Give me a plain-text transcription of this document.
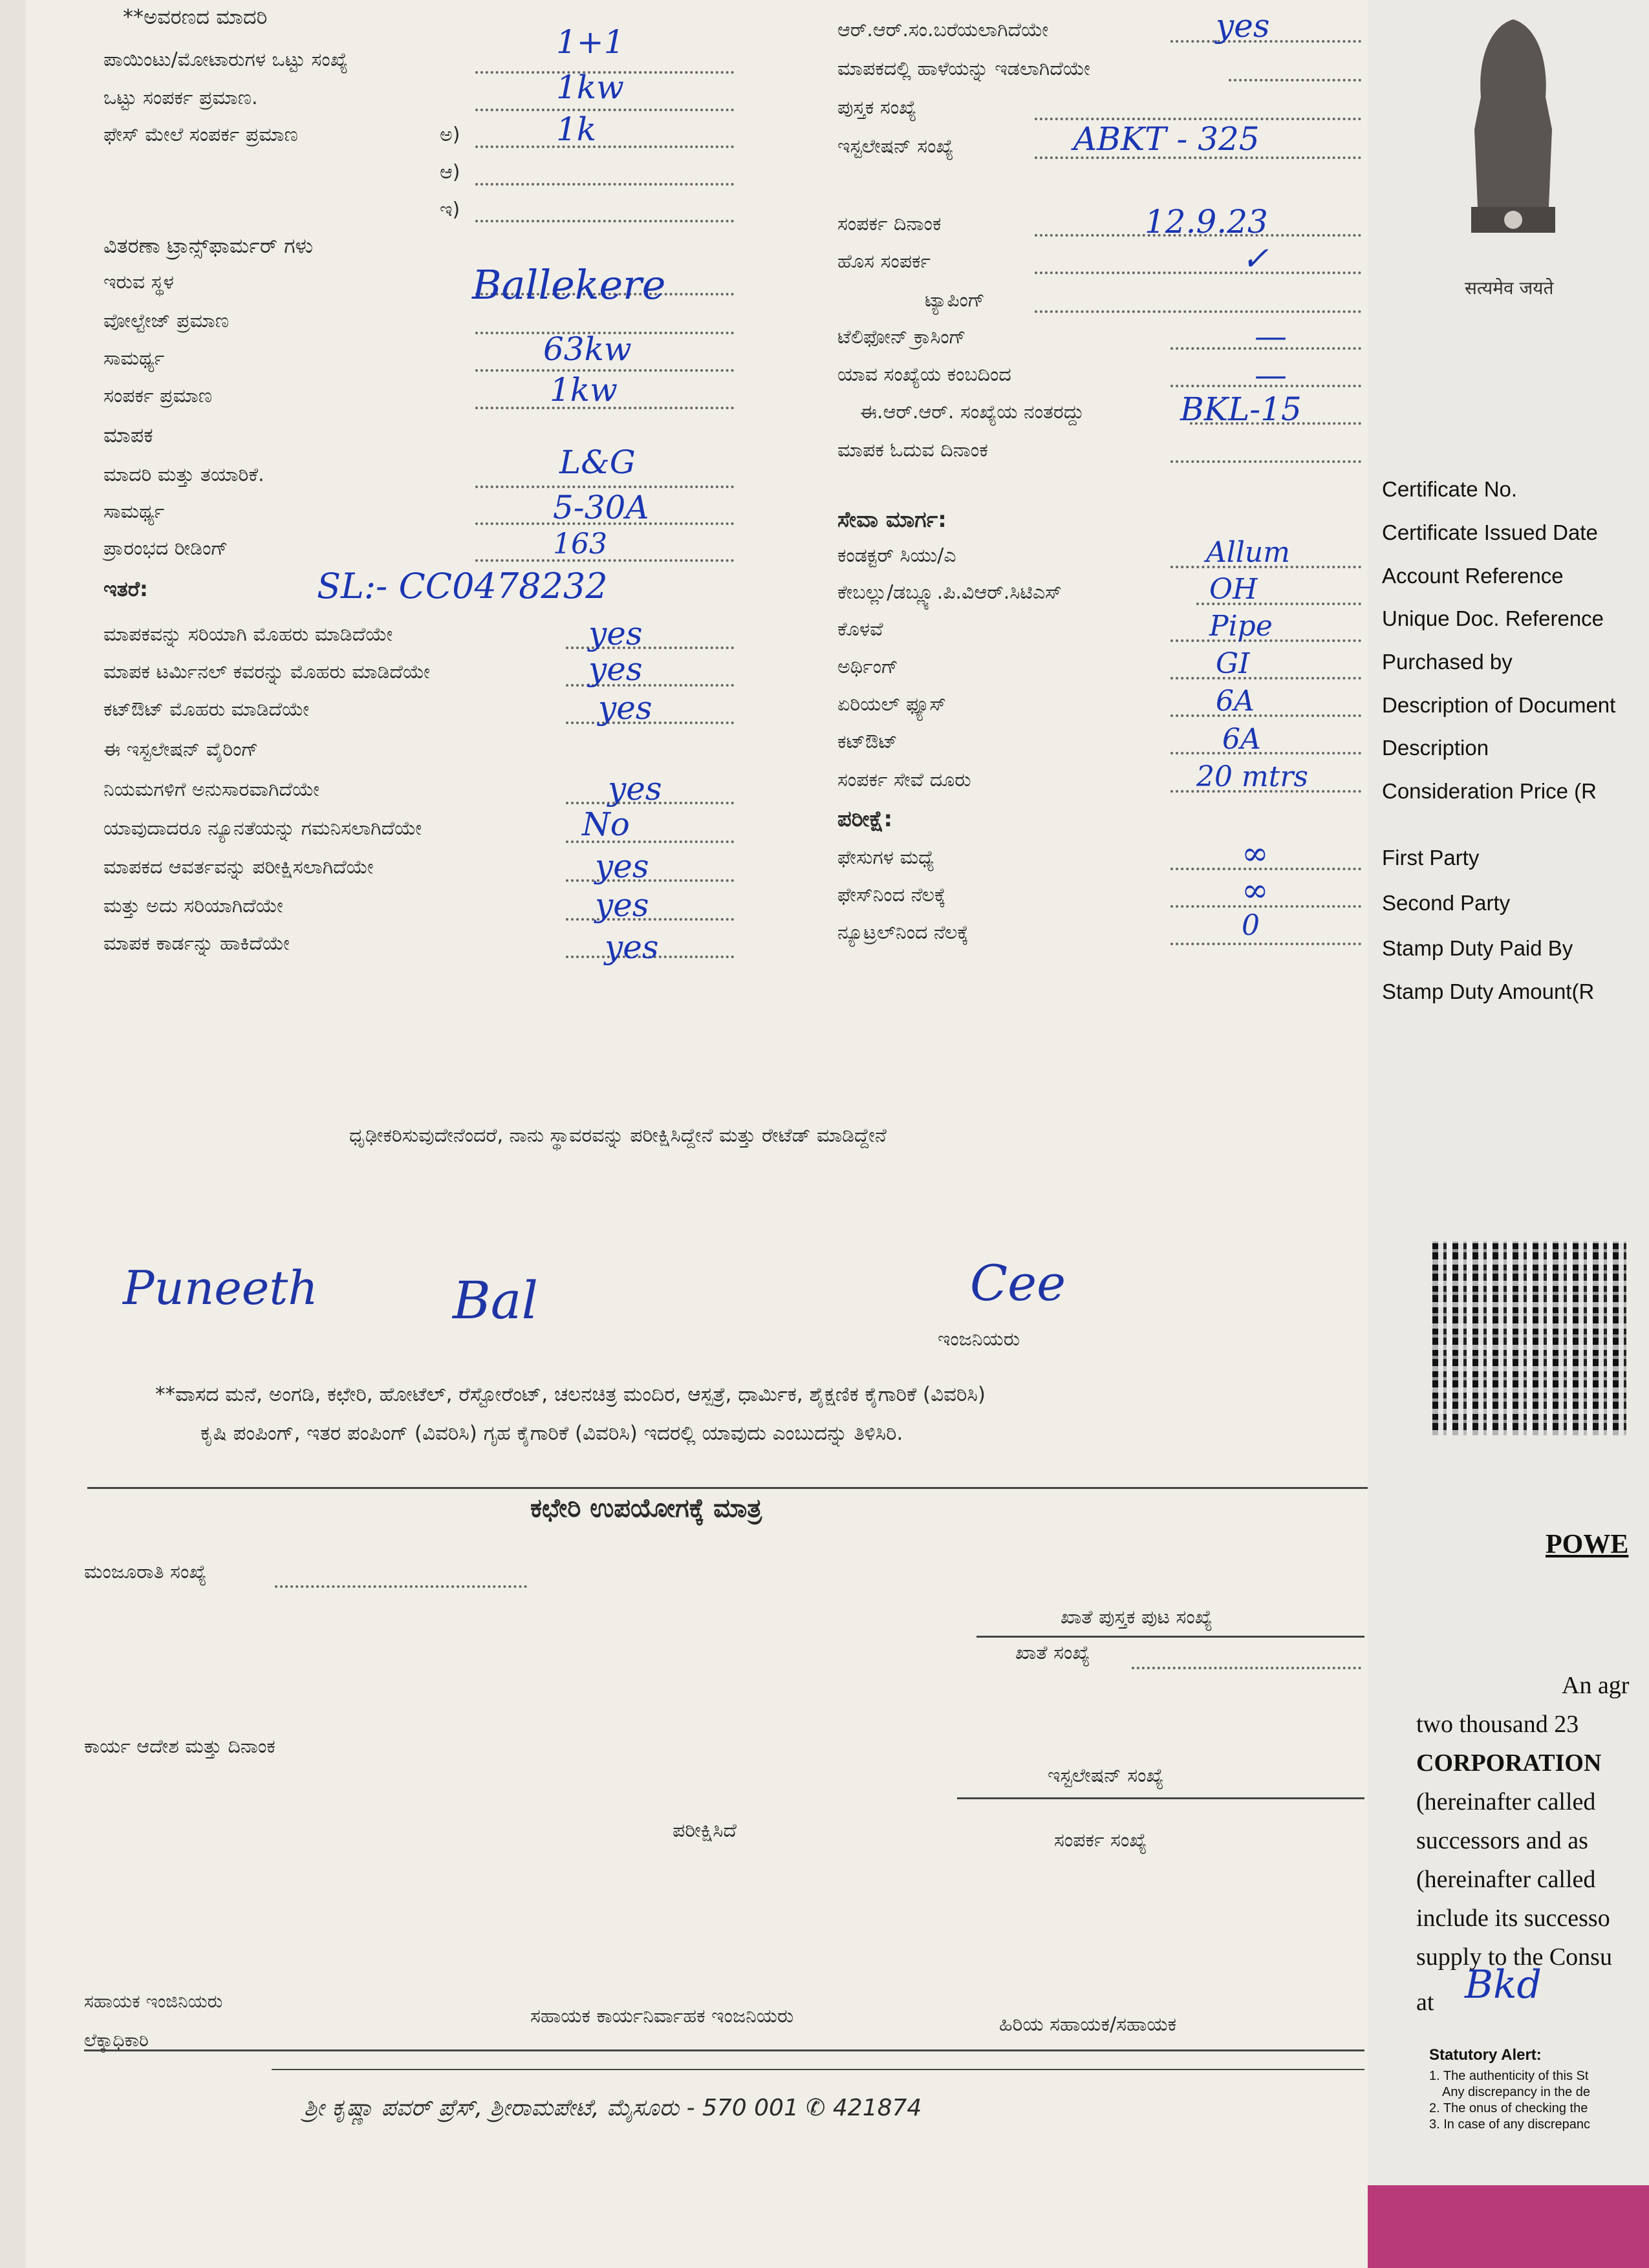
**ಅವರಣದ ಮಾದರಿ
ಪಾಯಿಂಟು/ಮೋಟಾರುಗಳ ಒಟ್ಟು ಸಂಖ್ಯೆ	1+1
ಒಟ್ಟು ಸಂಪರ್ಕ ಪ್ರಮಾಣ.	1kw
ಫೇಸ್ ಮೇಲೆ ಸಂಪರ್ಕ ಪ್ರಮಾಣ	ಅ)	1k
ಆ)
ಇ)
ವಿತರಣಾ ಟ್ರಾನ್ಸ್‌ಫಾರ್ಮರ್ ಗಳು
ಇರುವ ಸ್ಥಳ	Ballekere
ವೋಲ್ಟೇಜ್ ಪ್ರಮಾಣ
ಸಾಮರ್ಥ್ಯ	63kw
ಸಂಪರ್ಕ ಪ್ರಮಾಣ	1kw
ಮಾಪಕ
ಮಾದರಿ ಮತ್ತು ತಯಾರಿಕೆ.	L&G
ಸಾಮರ್ಥ್ಯ	5-30A
ಪ್ರಾರಂಭದ ರೀಡಿಂಗ್	163
ಇತರೆ:	SL:- CC0478232
ಮಾಪಕವನ್ನು ಸರಿಯಾಗಿ ಮೊಹರು ಮಾಡಿದೆಯೇ	yes
ಮಾಪಕ ಟರ್ಮಿನಲ್ ಕವರನ್ನು ಮೊಹರು ಮಾಡಿದೆಯೇ	yes
ಕಟ್‌ಔಟ್ ಮೊಹರು ಮಾಡಿದೆಯೇ	yes
ಈ ಇಸ್ಟಲೇಷನ್ ವೈರಿಂಗ್
ನಿಯಮಗಳಿಗೆ ಅನುಸಾರವಾಗಿದೆಯೇ	yes
ಯಾವುದಾದರೂ ನ್ಯೂನತೆಯನ್ನು ಗಮನಿಸಲಾಗಿದೆಯೇ	No
ಮಾಪಕದ ಆವರ್ತವನ್ನು ಪರೀಕ್ಷಿಸಲಾಗಿದೆಯೇ	yes
ಮತ್ತು ಅದು ಸರಿಯಾಗಿದೆಯೇ	yes
ಮಾಪಕ ಕಾರ್ಡನ್ನು ಹಾಕಿದೆಯೇ	yes
ಆರ್.ಆರ್.ಸಂ.ಬರೆಯಲಾಗಿದೆಯೇ	yes
ಮಾಪಕದಲ್ಲಿ ಹಾಳೆಯನ್ನು ಇಡಲಾಗಿದೆಯೇ
ಪುಸ್ತಕ ಸಂಖ್ಯೆ
ಇಸ್ಟಲೇಷನ್ ಸಂಖ್ಯೆ	ABKT - 325
ಸಂಪರ್ಕ ದಿನಾಂಕ	12.9.23
ಹೊಸ ಸಂಪರ್ಕ	✓
ಟ್ಯಾಪಿಂಗ್
ಟೆಲಿಫೋನ್ ಕ್ರಾಸಿಂಗ್	—
ಯಾವ ಸಂಖ್ಯೆಯ ಕಂಬದಿಂದ	—
ಈ.ಆರ್.ಆರ್. ಸಂಖ್ಯೆಯ ನಂತರದ್ದು	BKL-15
ಮಾಪಕ ಓದುವ ದಿನಾಂಕ
ಸೇವಾ ಮಾರ್ಗ:
ಕಂಡಕ್ಟರ್ ಸಿಯು/ಎ	Allum
ಕೇಬಲ್ಲು/ಡಬ್ಲ್ಯೂ.ಪಿ.ವಿಆರ್.ಸಿಟಿಎಸ್	OH
ಕೊಳವೆ	Pipe
ಅರ್ಥಿಂಗ್	GI
ಏರಿಯಲ್ ಫ್ಯೂಸ್	6A
ಕಟ್‌ಔಟ್	6A
ಸಂಪರ್ಕ ಸೇವೆ ದೂರು	20 mtrs
ಪರೀಕ್ಷೆ:
ಫೇಸುಗಳ ಮಧ್ಯೆ	∞
ಫೇಸ್‌ನಿಂದ ನೆಲಕ್ಕೆ	∞
ನ್ಯೂಟ್ರಲ್‌ನಿಂದ ನೆಲಕ್ಕೆ	0
ಧೃಢೀಕರಿಸುವುದೇನೆಂದರೆ, ನಾನು ಸ್ಥಾವರವನ್ನು ಪರೀಕ್ಷಿಸಿದ್ದೇನೆ ಮತ್ತು ರೇಟೆಡ್ ಮಾಡಿದ್ದೇನೆ
Puneeth	Bal	Cee
ಇಂಜನಿಯರು
**ವಾಸದ ಮನೆ, ಅಂಗಡಿ, ಕಛೇರಿ, ಹೋಟೆಲ್, ರೆಸ್ಟೋರೆಂಟ್, ಚಲನಚಿತ್ರ ಮಂದಿರ, ಆಸ್ಪತ್ರೆ, ಧಾರ್ಮಿಕ, ಶೈಕ್ಷಣಿಕ ಕೈಗಾರಿಕೆ (ವಿವರಿಸಿ)
ಕೃಷಿ ಪಂಪಿಂಗ್, ಇತರ ಪಂಪಿಂಗ್ (ವಿವರಿಸಿ) ಗೃಹ ಕೈಗಾರಿಕೆ (ವಿವರಿಸಿ) ಇದರಲ್ಲಿ ಯಾವುದು ಎಂಬುದನ್ನು ತಿಳಿಸಿರಿ.
ಕಛೇರಿ ಉಪಯೋಗಕ್ಕೆ ಮಾತ್ರ
ಮಂಜೂರಾತಿ ಸಂಖ್ಯೆ
ಖಾತೆ ಪುಸ್ತಕ ಪುಟ ಸಂಖ್ಯೆ
ಖಾತೆ ಸಂಖ್ಯೆ
ಕಾರ್ಯ ಆದೇಶ ಮತ್ತು ದಿನಾಂಕ
ಇಸ್ಟಲೇಷನ್ ಸಂಖ್ಯೆ
ಪರೀಕ್ಷಿಸಿದೆ	ಸಂಪರ್ಕ ಸಂಖ್ಯೆ
ಸಹಾಯಕ ಇಂಜಿನಿಯರು
ಲೆಕ್ಕಾಧಿಕಾರಿ
ಸಹಾಯಕ ಕಾರ್ಯನಿರ್ವಾಹಕ ಇಂಜನಿಯರು	ಹಿರಿಯ ಸಹಾಯಕ/ಸಹಾಯಕ
ಶ್ರೀ ಕೃಷ್ಣಾ ಪವರ್ ಪ್ರೆಸ್, ಶ್ರೀರಾಮಪೇಟೆ, ಮೈಸೂರು - 570 001 ✆ 421874
सत्यमेव जयते
Certificate No.
Certificate Issued Date
Account Reference
Unique Doc. Reference
Purchased by
Description of Document
Description
Consideration Price (R
First Party
Second Party
Stamp Duty Paid By
Stamp Duty Amount(R
POWE
An agr
two thousand 23
CORPORATION
(hereinafter called
successors and as
(hereinafter called
include its successo
supply to the Consu
at Bkd
Statutory Alert:
1. The authenticity of this St
Any discrepancy in the de
2. The onus of checking the
3. In case of any discrepanc
